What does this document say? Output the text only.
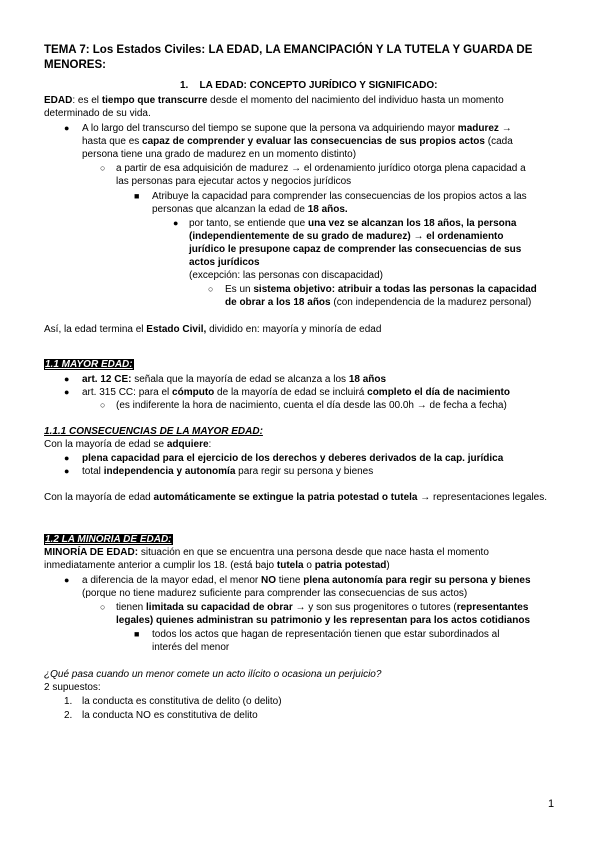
TEMA 7: Los Estados Civiles: LA EDAD, LA EMANCIPACIÓN Y LA TUTELA Y GUARDA DE MENORES:
1. LA EDAD: CONCEPTO JURÍDICO Y SIGNIFICADO:
EDAD: es el tiempo que transcurre desde el momento del nacimiento del individuo hasta un momento
determinado de su vida.
● A lo largo del transcurso del tiempo se supone que la persona va adquiriendo mayor madurez →
hasta que es capaz de comprender y evaluar las consecuencias de sus propios actos (cada
persona tiene una grado de madurez en un momento distinto)
○ a partir de esa adquisición de madurez → el ordenamiento jurídico otorga plena capacidad a
las personas para ejecutar actos y negocios jurídicos
■ Atribuye la capacidad para comprender las consecuencias de los propios actos a las
personas que alcanzan la edad de 18 años.
● por tanto, se entiende que una vez se alcanzan los 18 años, la persona
(independientemente de su grado de madurez) → el ordenamiento
jurídico le presupone capaz de comprender las consecuencias de sus
actos jurídicos
(excepción: las personas con discapacidad)
○ Es un sistema objetivo: atribuir a todas las personas la capacidad
de obrar a los 18 años (con independencia de la madurez personal)
Así, la edad termina el Estado Civil, dividido en: mayoría y minoría de edad
1.1 MAYOR EDAD:
● art. 12 CE: señala que la mayoría de edad se alcanza a los 18 años
● art. 315 CC: para el cómputo de la mayoría de edad se incluirá completo el día de nacimiento
○ (es indiferente la hora de nacimiento, cuenta el día desde las 00.0h → de fecha a fecha)
1.1.1 CONSECUENCIAS DE LA MAYOR EDAD:
Con la mayoría de edad se adquiere:
● plena capacidad para el ejercicio de los derechos y deberes derivados de la cap. jurídica
● total independencia y autonomía para regir su persona y bienes
Con la mayoría de edad automáticamente se extingue la patria potestad o tutela → representaciones legales.
1.2 LA MINORÍA DE EDAD:
MINORÍA DE EDAD: situación en que se encuentra una persona desde que nace hasta el momento
inmediatamente anterior a cumplir los 18. (está bajo tutela o patria potestad)
● a diferencia de la mayor edad, el menor NO tiene plena autonomía para regir su persona y bienes
(porque no tiene madurez suficiente para comprender las consecuencias de sus actos)
○ tienen limitada su capacidad de obrar → y son sus progenitores o tutores (representantes
legales) quienes administran su patrimonio y les representan para los actos cotidianos
■ todos los actos que hagan de representación tienen que estar subordinados al
interés del menor
¿Qué pasa cuando un menor comete un acto ilícito o ocasiona un perjuicio?
2 supuestos:
1. la conducta es constitutiva de delito (o delito)
2. la conducta NO es constitutiva de delito
1
